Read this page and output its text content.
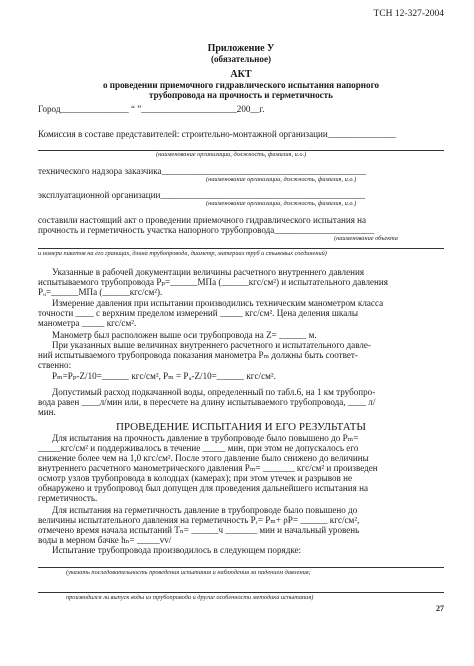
ТСН 12-327-2004
Приложение У
(обязательное)
АКТ
о проведении приемочного гидравлического испытания напорного
трубопровода на прочность и герметичность
Город_______________ “ ”_____________________200__г.
Комиссия в составе представителей: строительно-монтажной организации_______________
(наименование организации, должность, фамилия, и.о.)
технического надзора заказчика_____________________________________________
(наименование организации, должность, фамилия, и.о.)
эксплуатационной организации_____________________________________________
(наименование организации, должность, фамилия, и.о.)
составили настоящий акт о проведении приемочного гидравлического испытания на
прочность и герметичность участка напорного трубопровода______________________
(наименование объекта
и номера пикетов на его границах, длина трубопровода, диаметр, материал труб и стыковых соединений)
Указанные в рабочей документации величины расчетного внутреннего давления
испытываемого трубопровода Pₚ=______МПа (______кгс/см²) и испытательного давления
Pᵤ=______МПа (______кгс/см²).
Измерение давления при испытании производились техническим манометром класса
точности ____ с верхним пределом измерений _____ кгс/см². Цена деления шкалы
манометра _____ кгс/см².
Манометр был расположен выше оси трубопровода на Z= ______ м.
При указанных выше величинах внутреннего расчетного и испытательного давле-
ний испытываемого трубопровода показания манометра Pₘ должны быть соответ-
ственно:
Pₘ=Pₚ-Z/10=______ кгс/см², Pₘ = Pᵤ-Z/10=______ кгс/см².
Допустимый расход подкачанной воды, определенный по табл.6, на 1 км трубопро-
вода равен ____л/мин или, в пересчете на длину испытываемого трубопровода, ____ л/
мин.
ПРОВЕДЕНИЕ ИСПЫТАНИЯ И ЕГО РЕЗУЛЬТАТЫ
Для испытания на прочность давление в трубопроводе было повышено до Pₘ=
_____кгс/см² и поддерживалось в течение _____ мин, при этом не допускалось его
снижение более чем на 1,0 кгс/см². После этого давление было снижено до величины
внутреннего расчетного манометрического давления Pₘ= _______ кгс/см² и произведен
осмотр узлов трубопровода в колодцах (камерах); при этом утечек и разрывов не
обнаружено и трубопровод был допущен для проведения дальнейшего испытания на
герметичность.
Для испытания на герметичность давление в трубопроводе было повышено до
величины испытательного давления на герметичность Pᵣ= Pₘ+ ρP= ______ кгс/см²,
отмечено время начала испытаний Tₙ= ______ч _______ мин и начальный уровень
воды в мерном бачке hₙ= _____vv/
Испытание трубопровода производилось в следующем порядке:
(указать последовательность проведения испытания и наблюдения за падением давления;
производился ли выпуск воды из трубопровода и другие особенности методики испытания)
27
